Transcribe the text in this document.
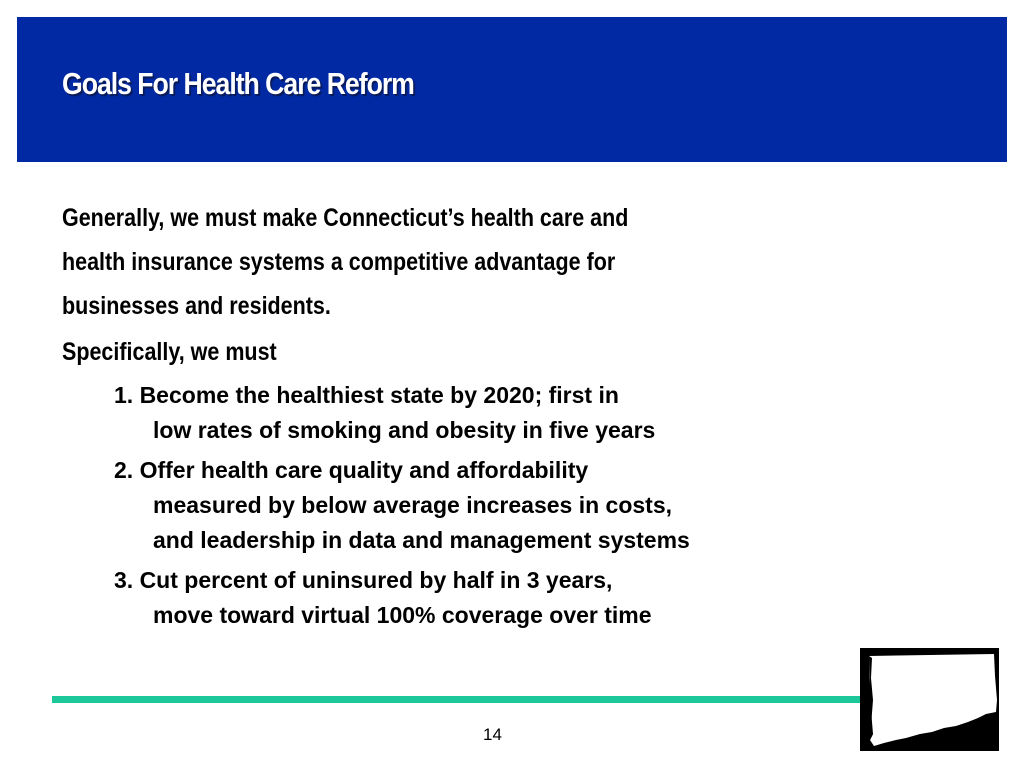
Goals For Health Care Reform
Generally, we must make Connecticut’s health care and
health insurance systems a competitive advantage for
businesses and residents.
Specifically, we must
1. Become the healthiest state by 2020; first in
low rates of smoking and obesity in five years
2. Offer health care quality and affordability
measured by below average increases in costs,
and leadership in data and management systems
3. Cut percent of uninsured by half in 3 years,
move toward virtual 100% coverage over time
14
